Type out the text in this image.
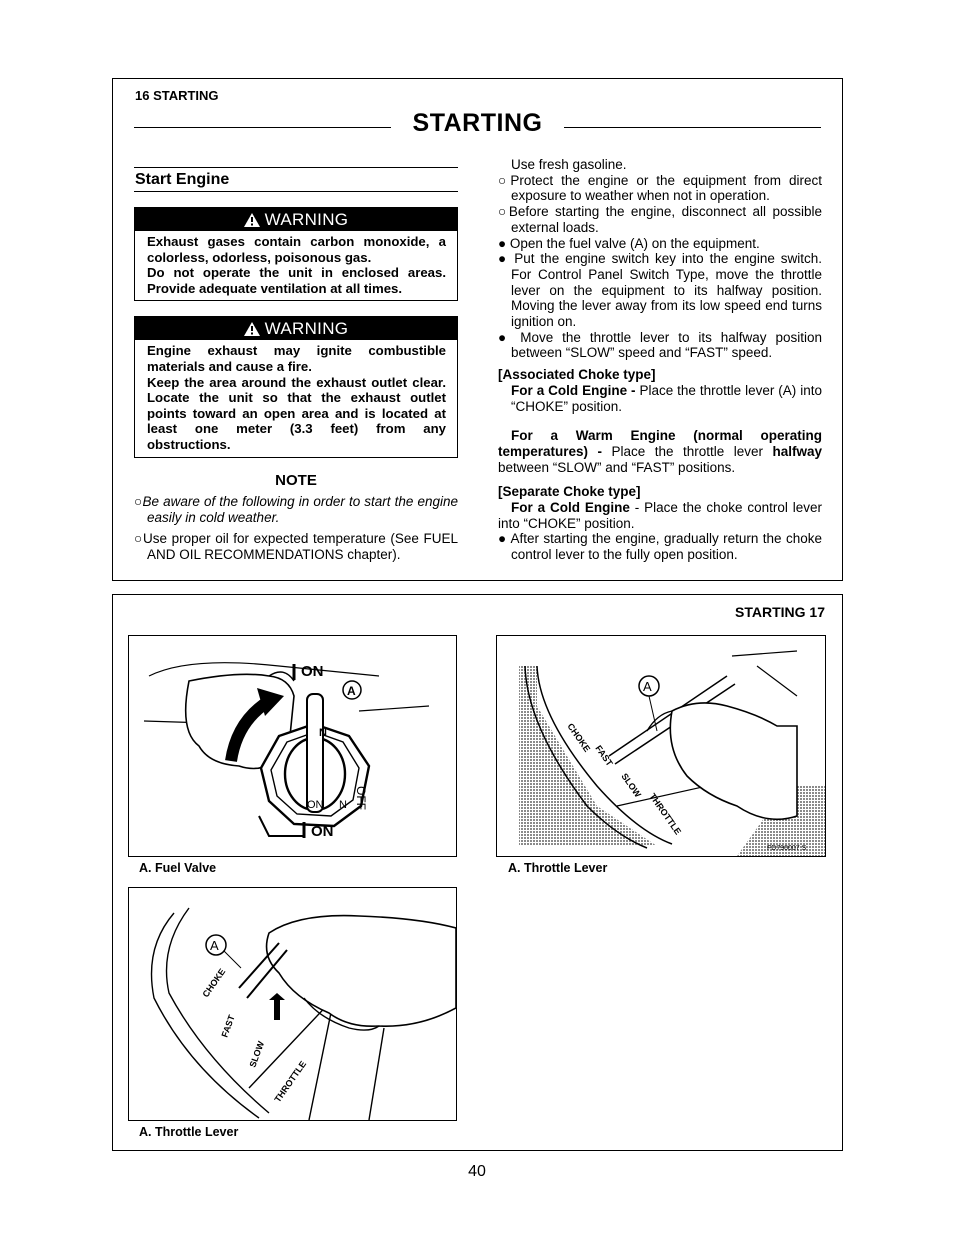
16 STARTING
STARTING
Start Engine
WARNING

Exhaust gases contain carbon monoxide, a colorless, odorless, poisonous gas.

Do not operate the unit in enclosed areas. Provide adequate ventilation at all times.

WARNING

Engine exhaust may ignite combustible materials and cause a fire.

Keep the area around the exhaust outlet clear. Locate the unit so that the exhaust outlet points toward an open area and is located at least one meter (3.3 feet) from any obstructions.

NOTE
○Be aware of the following in order to start the engine easily in cold weather.
○Use proper oil for expected temperature (See FUEL AND OIL RECOMMENDATIONS chapter).

Use fresh gasoline.

○Protect the engine or the equipment from direct exposure to weather when not in operation.

○Before starting the engine, disconnect all possible external loads.

● Open the fuel valve (A) on the equipment.

● Put the engine switch key into the engine switch. For Control Panel Switch Type, move the throttle lever on the equipment to its halfway position. Moving the lever away from its low speed end turns ignition on.

● Move the throttle lever to its halfway position between “SLOW” speed and “FAST” speed.

[Associated Choke type]

For a Cold Engine - Place the throttle lever (A) into “CHOKE” position.

For a Warm Engine (normal operating temperatures) - Place the throttle lever halfway between “SLOW” and “FAST” positions.

[Separate Choke type]

For a Cold Engine - Place the choke control lever into “CHOKE” position.

● After starting the engine, gradually return the choke control lever to the fully open position.

STARTING 17
ON
A
OFF
N
ON
N
ON
A. Fuel Valve
A
CHOKE
FAST
SLOW
THROTTLE
FD790007 S
A. Throttle Lever
A
CHOKE
FAST
SLOW
THROTTLE
A. Throttle Lever
40
